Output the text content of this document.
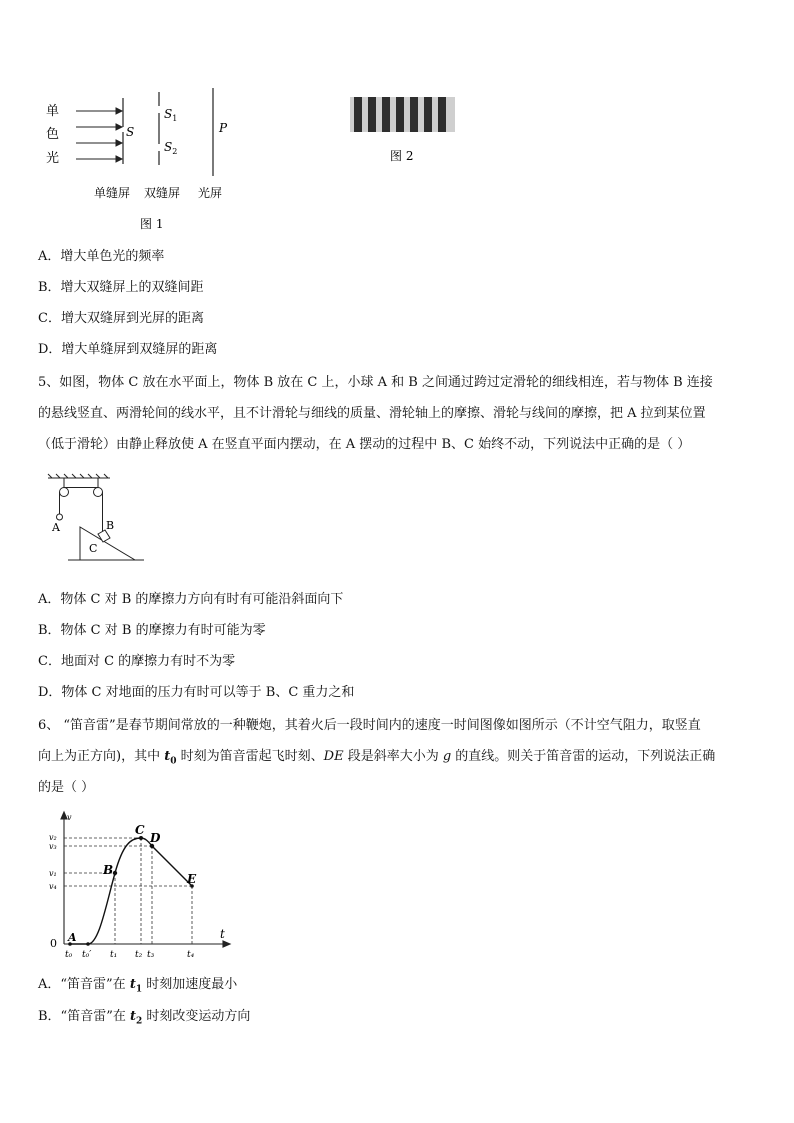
单
色
光
S
$S_1$
$S_2$
P
单缝屏 双缝屏 光屏
图 1
图 2
A．增大单色光的频率
B．增大双缝屏上的双缝间距
C．增大双缝屏到光屏的距离
D．增大单缝屏到双缝屏的距离
5、如图，物体 C 放在水平面上，物体 B 放在 C 上，小球 A 和 B 之间通过跨过定滑轮的细线相连，若与物体 B 连接
的悬线竖直、两滑轮间的线水平，且不计滑轮与细线的质量、滑轮轴上的摩擦、滑轮与线间的摩擦，把 A 拉到某位置
（低于滑轮）由静止释放使 A 在竖直平面内摆动，在 A 摆动的过程中 B、C 始终不动，下列说法中正确的是（ ）
A	B
C
A．物体 C 对 B 的摩擦力方向有时有可能沿斜面向下
B．物体 C 对 B 的摩擦力有时可能为零
C．地面对 C 的摩擦力有时不为零
D．物体 C 对地面的压力有时可以等于 B、C 重力之和
6、 “笛音雷”是春节期间常放的一种鞭炮，其着火后一段时间内的速度一时间图像如图所示（不计空气阻力，取竖直
向上为正方向)，其中 $t_0$ 时刻为笛音雷起飞时刻、DE 段是斜率大小为 g 的直线。则关于笛音雷的运动，下列说法正确
的是（ ）
v
t
0 A
B
C
D
E
v₂
v₃
v₁
v₄
t₀ t₀′ t₁ t₂ t₃	t₄
A．“笛音雷”在 $t_1$ 时刻加速度最小
B．“笛音雷”在 $t_2$ 时刻改变运动方向
